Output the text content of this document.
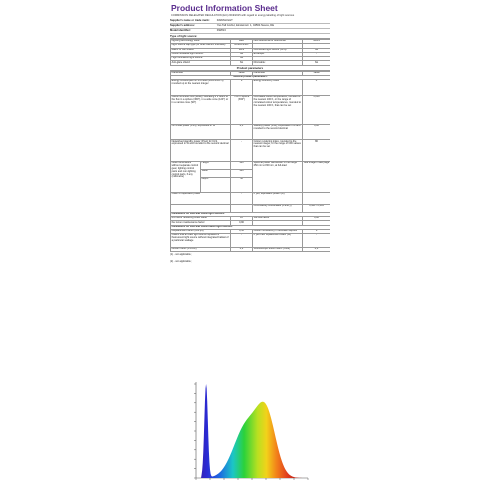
Product Information Sheet
COMMISSION DELEGATED REGULATION (EU) 2019/2015 with regard to energy labelling of light sources
Supplier's name or trade mark:	DAWNLIGHT
Supplier's address:	Yao Tall GmbH, Einsteinstr. 1, 04564 Neuss, DE
Model identifier:	DW813
Type of light source:
Lighting technology used:	LED	Non-directional or directional:	NDLS
Light source cap-type (or other electric interface)	AC220-240V		
Mains or non-mains:	MLS	Connected light source (CLS):	No
Colour-tuneable light source:	No	Envelope:	-
High luminance light source:	No		
Anti-glare shield:	No	Dimmable:	No
Product parameters
Parameter		Value	Parameter	Value
General product parameters:				
Energy consumption in on-mode (kWh/1000 h), rounded up to the nearest integer		8	Energy efficiency class	F
Useful luminous flux (Φuse), indicating if it refers to the flux in a sphere (360°), in a wide cone (120°) or in a narrow cone (90°)		751 in Sphere (360°)	Correlated colour temperature, rounded to the nearest 100 K, or the range of correlated colour temperatures, rounded to the nearest 100 K, that can be set	3,000
On-mode power (Pon), expressed in W		8,1	Standby power (Psb), expressed in W and rounded to the second decimal	0,00
Networked standby power (Pnet) for CLS, expressed in W and rounded to the second decimal		-	Colour rendering index, rounded to the nearest integer, or the range of CRI-values that can be set	80
Outer dimensions without separate control gear, lighting control parts and non-lighting control parts, if any (millimetre)	Height	160	Spectral power distribution in the range 250 nm to 800 nm, at full-load	See image in last page
	Width	160		
	Depth	50		
Claim of equivalent power		-	If yes, equivalent power (W)	
			Chromaticity coordinates (x and y)	0,441 / 0,404
Parameters for LED and OLED light sources:				
R9 colour rendering index value		10	Survival factor	0,90
the lumen maintenance factor		0,90		
Parameters for LED and OLED mains light sources:				
Displacement factor (cos φ1)		0,52	Colour consistency in McAdam ellipses	6
Claims that an LED light source replaces a fluorescent light source without integrated ballast of a particular wattage		-	If yes then replacement claim (W)	-
Flicker metric (Pst LM)		0,2	Stroboscopic effect metric (SVM)	0,4
(1) - not applicable;
(2) - not applicable;
